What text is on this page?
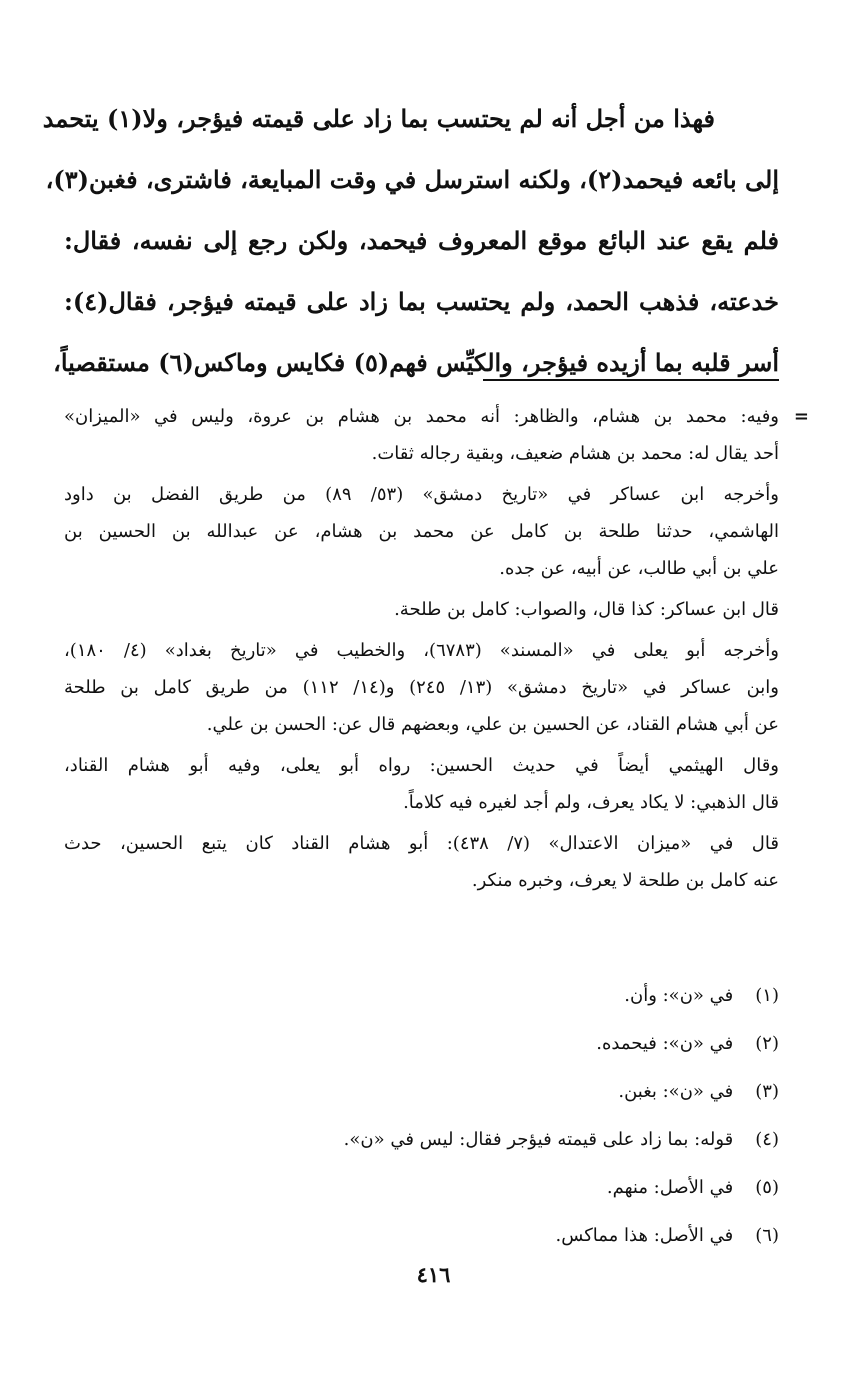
فهذا من أجل أنه لم يحتسب بما زاد على قيمته فيؤجر، ولا(١) يتحمد
إلى بائعه فيحمد(٢)، ولكنه استرسل في وقت المبايعة، فاشترى، فغبن(٣)،
فلم يقع عند البائع موقع المعروف فيحمد، ولكن رجع إلى نفسه، فقال:
خدعته، فذهب الحمد، ولم يحتسب بما زاد على قيمته فيؤجر، فقال(٤):
أسر قلبه بما أزيده فيؤجر، والكيِّس فهم(٥) فكايس وماكس(٦) مستقصياً،
=
وفيه: محمد بن هشام، والظاهر: أنه محمد بن هشام بن عروة، وليس في «الميزان»
أحد يقال له: محمد بن هشام ضعيف، وبقية رجاله ثقات.
وأخرجه ابن عساكر في «تاريخ دمشق» (٥٣/ ٨٩) من طريق الفضل بن داود
الهاشمي، حدثنا طلحة بن كامل عن محمد بن هشام، عن عبدالله بن الحسين بن
علي بن أبي طالب، عن أبيه، عن جده.
قال ابن عساكر: كذا قال، والصواب: كامل بن طلحة.
وأخرجه أبو يعلى في «المسند» (٦٧٨٣)، والخطيب في «تاريخ بغداد» (٤/ ١٨٠)،
وابن عساكر في «تاريخ دمشق» (١٣/ ٢٤٥) و(١٤/ ١١٢) من طريق كامل بن طلحة
عن أبي هشام القناد، عن الحسين بن علي، وبعضهم قال عن: الحسن بن علي.
وقال الهيثمي أيضاً في حديث الحسين: رواه أبو يعلى، وفيه أبو هشام القناد،
قال الذهبي: لا يكاد يعرف، ولم أجد لغيره فيه كلاماً.
قال في «ميزان الاعتدال» (٧/ ٤٣٨): أبو هشام القناد كان يتبع الحسين، حدث
عنه كامل بن طلحة لا يعرف، وخبره منكر.
(١) في «ن»: وأن.
(٢) في «ن»: فيحمده.
(٣) في «ن»: بغبن.
(٤) قوله: بما زاد على قيمته فيؤجر فقال: ليس في «ن».
(٥) في الأصل: منهم.
(٦) في الأصل: هذا مماكس.
٤١٦
